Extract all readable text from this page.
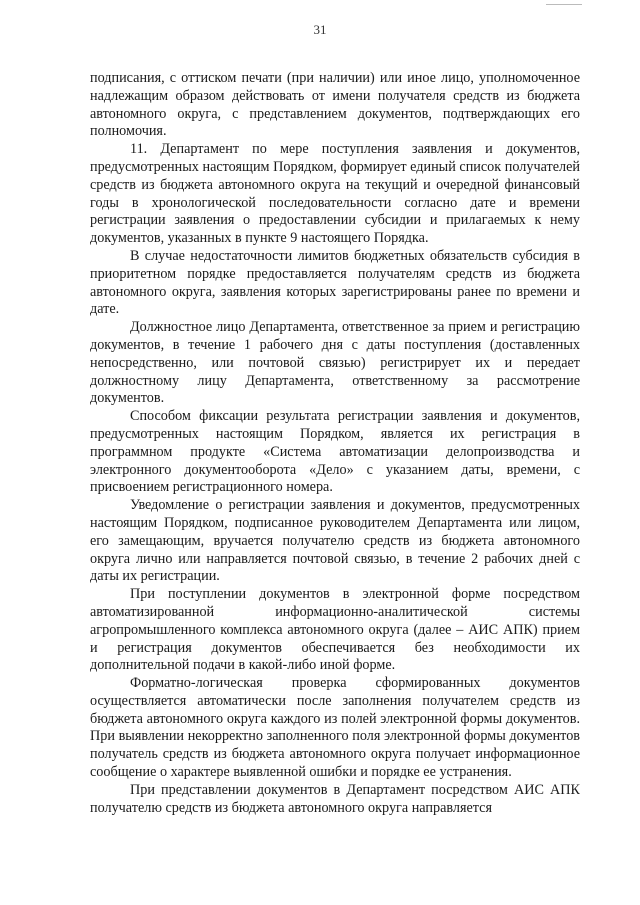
31

подписания, с оттиском печати (при наличии) или иное лицо, уполномоченное надлежащим образом действовать от имени получателя средств из бюджета автономного округа, с представлением документов, подтверждающих его полномочия.

11. Департамент по мере поступления заявления и документов, предусмотренных настоящим Порядком, формирует единый список получателей средств из бюджета автономного округа на текущий и очередной финансовый годы в хронологической последовательности согласно дате и времени регистрации заявления о предоставлении субсидии и прилагаемых к нему документов, указанных в пункте 9 настоящего Порядка.

В случае недостаточности лимитов бюджетных обязательств субсидия в приоритетном порядке предоставляется получателям средств из бюджета автономного округа, заявления которых зарегистрированы ранее по времени и дате.

Должностное лицо Департамента, ответственное за прием и регистрацию документов, в течение 1 рабочего дня с даты поступления (доставленных непосредственно, или почтовой связью) регистрирует их и передает должностному лицу Департамента, ответственному за рассмотрение документов.

Способом фиксации результата регистрации заявления и документов, предусмотренных настоящим Порядком, является их регистрация в программном продукте «Система автоматизации делопроизводства и электронного документооборота «Дело» с указанием даты, времени, с присвоением регистрационного номера.

Уведомление о регистрации заявления и документов, предусмотренных настоящим Порядком, подписанное руководителем Департамента или лицом, его замещающим, вручается получателю средств из бюджета автономного округа лично или направляется почтовой связью, в течение 2 рабочих дней с даты их регистрации.

При поступлении документов в электронной форме посредством автоматизированной информационно-аналитической системы агропромышленного комплекса автономного округа (далее – АИС АПК) прием и регистрация документов обеспечивается без необходимости их дополнительной подачи в какой-либо иной форме.

Форматно-логическая проверка сформированных документов осуществляется автоматически после заполнения получателем средств из бюджета автономного округа каждого из полей электронной формы документов. При выявлении некорректно заполненного поля электронной формы документов получатель средств из бюджета автономного округа получает информационное сообщение о характере выявленной ошибки и порядке ее устранения.

При представлении документов в Департамент посредством АИС АПК получателю средств из бюджета автономного округа направляется
